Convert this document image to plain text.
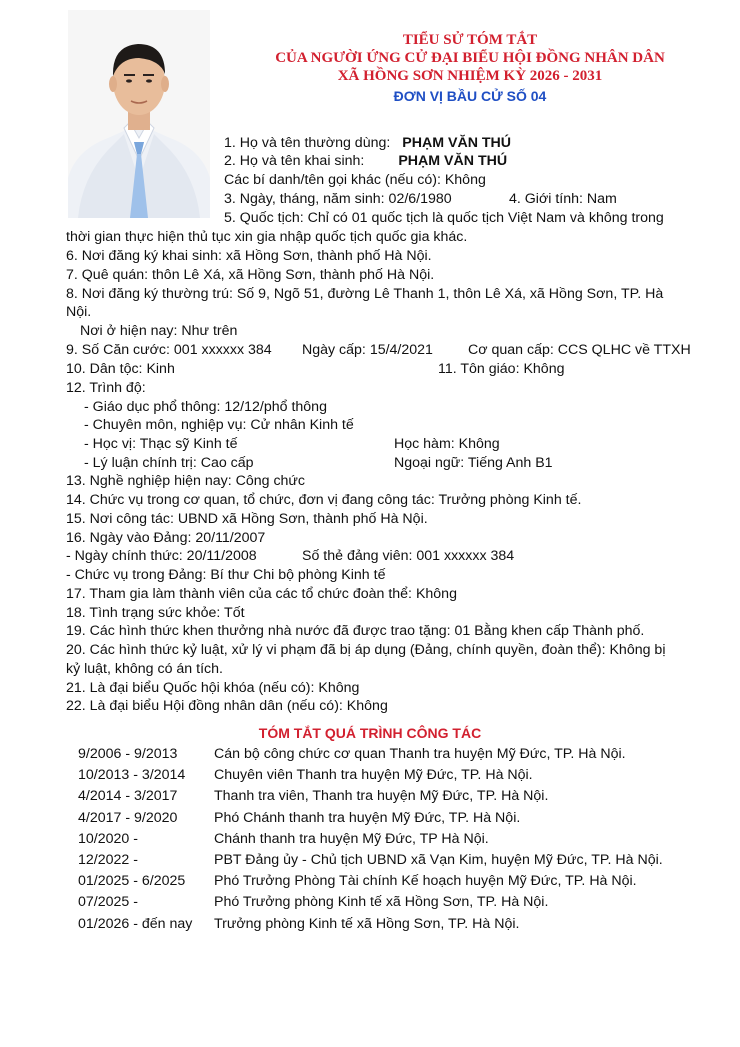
TIỂU SỬ TÓM TẮT

CỦA NGƯỜI ỨNG CỬ ĐẠI BIỂU HỘI ĐỒNG NHÂN DÂN

XÃ HỒNG SƠN NHIỆM KỲ 2026 - 2031

ĐƠN VỊ BẦU CỬ SỐ 04

1. Họ và tên thường dùng: PHẠM VĂN THÚ
2. Họ và tên khai sinh: PHẠM VĂN THÚ
Các bí danh/tên gọi khác (nếu có): Không
3. Ngày, tháng, năm sinh: 02/6/1980	4. Giới tính: Nam
5. Quốc tịch: Chỉ có 01 quốc tịch là quốc tịch Việt Nam và không trong
thời gian thực hiện thủ tục xin gia nhập quốc tịch quốc gia khác.
6. Nơi đăng ký khai sinh: xã Hồng Sơn, thành phố Hà Nội.
7. Quê quán: thôn Lê Xá, xã Hồng Sơn, thành phố Hà Nội.
8. Nơi đăng ký thường trú: Số 9, Ngõ 51, đường Lê Thanh 1, thôn Lê Xá, xã Hồng Sơn, TP. Hà
Nội.
Nơi ở hiện nay: Như trên
9. Số Căn cước: 001 xxxxxx 384 Ngày cấp: 15/4/2021 Cơ quan cấp: CCS QLHC về TTXH
10. Dân tộc: Kinh	11. Tôn giáo: Không
12. Trình độ:
- Giáo dục phổ thông: 12/12/phổ thông
- Chuyên môn, nghiệp vụ: Cử nhân Kinh tế
- Học vị: Thạc sỹ Kinh tế	Học hàm: Không
- Lý luận chính trị: Cao cấp	Ngoại ngữ: Tiếng Anh B1
13. Nghề nghiệp hiện nay: Công chức
14. Chức vụ trong cơ quan, tổ chức, đơn vị đang công tác: Trưởng phòng Kinh tế.
15. Nơi công tác: UBND xã Hồng Sơn, thành phố Hà Nội.
16. Ngày vào Đảng: 20/11/2007
- Ngày chính thức: 20/11/2008	Số thẻ đảng viên: 001 xxxxxx 384
- Chức vụ trong Đảng: Bí thư Chi bộ phòng Kinh tế
17. Tham gia làm thành viên của các tổ chức đoàn thể: Không
18. Tình trạng sức khỏe: Tốt
19. Các hình thức khen thưởng nhà nước đã được trao tặng: 01 Bằng khen cấp Thành phố.
20. Các hình thức kỷ luật, xử lý vi phạm đã bị áp dụng (Đảng, chính quyền, đoàn thể): Không bị
kỷ luật, không có án tích.
21. Là đại biểu Quốc hội khóa (nếu có): Không
22. Là đại biểu Hội đồng nhân dân (nếu có): Không
TÓM TẮT QUÁ TRÌNH CÔNG TÁC
9/2006 - 9/2013	Cán bộ công chức cơ quan Thanh tra huyện Mỹ Đức, TP. Hà Nội.
10/2013 - 3/2014 Chuyên viên Thanh tra huyện Mỹ Đức, TP. Hà Nội.
4/2014 - 3/2017	Thanh tra viên, Thanh tra huyện Mỹ Đức, TP. Hà Nội.
4/2017 - 9/2020	Phó Chánh thanh tra huyện Mỹ Đức, TP. Hà Nội.
10/2020 -	Chánh thanh tra huyện Mỹ Đức, TP Hà Nội.
12/2022 -	PBT Đảng ủy - Chủ tịch UBND xã Vạn Kim, huyện Mỹ Đức, TP. Hà Nội.
01/2025 - 6/2025 Phó Trưởng Phòng Tài chính Kế hoạch huyện Mỹ Đức, TP. Hà Nội.
07/2025 -	Phó Trưởng phòng Kinh tế xã Hồng Sơn, TP. Hà Nội.
01/2026 - đến nay Trưởng phòng Kinh tế xã Hồng Sơn, TP. Hà Nội.
